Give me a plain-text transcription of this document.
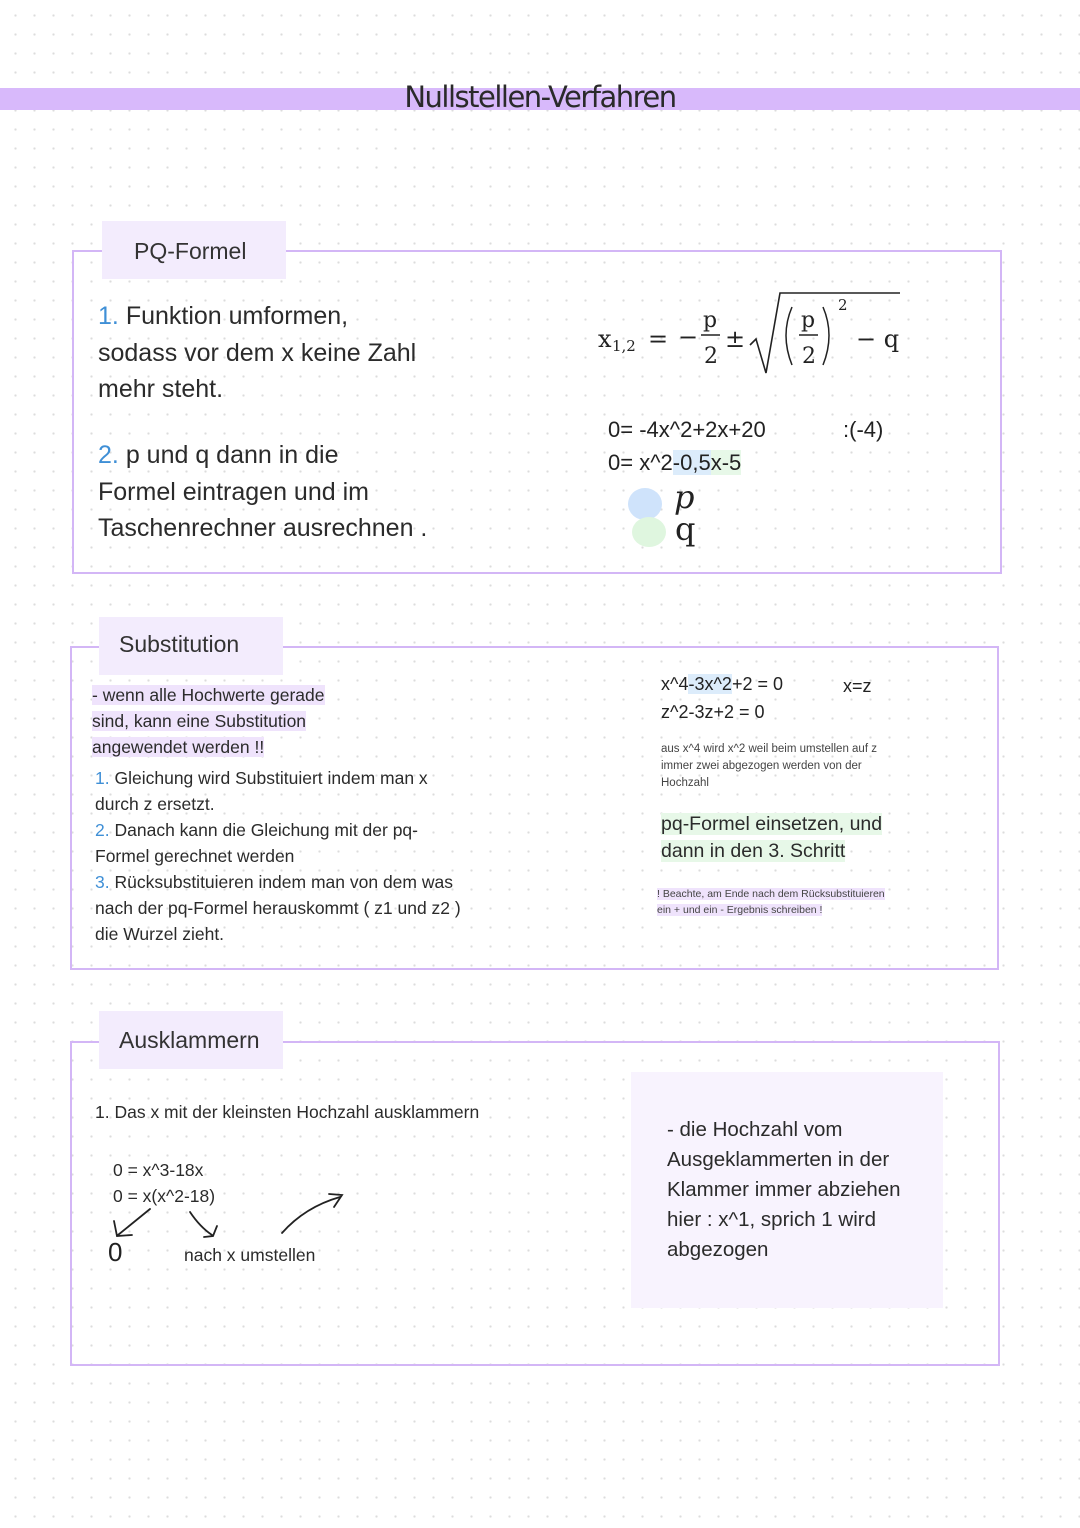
Nullstellen-Verfahren
PQ-Formel
1. Funktion umformen,
sodass vor dem x keine Zahl
mehr steht.
2. p und q dann in die
Formel eintragen und im
Taschenrechner ausrechnen .
x 1,2 = −
p
2
±
p
2
2
− q
0= -4x^2+2x+20	:(-4)
0= x^2-0,5x-5
p
q
Substitution
- wenn alle Hochwerte gerade
sind, kann eine Substitution
angewendet werden !!
1. Gleichung wird Substituiert indem man x
durch z ersetzt.
2. Danach kann die Gleichung mit der pq-
Formel gerechnet werden
3. Rücksubstituieren indem man von dem was
nach der pq-Formel herauskommt ( z1 und z2 )
die Wurzel zieht.
x^4-3x^2+2 = 0	x=z
z^2-3z+2 = 0
aus x^4 wird x^2 weil beim umstellen auf z
immer zwei abgezogen werden von der
Hochzahl
pq-Formel einsetzen, und
dann in den 3. Schritt
! Beachte, am Ende nach dem Rücksubstituieren
ein + und ein - Ergebnis schreiben !
Ausklammern
1. Das x mit der kleinsten Hochzahl ausklammern
0 = x^3-18x
0 = x(x^2-18)
0	nach x umstellen
- die Hochzahl vom
Ausgeklammerten in der
Klammer immer abziehen
hier : x^1, sprich 1 wird
abgezogen
